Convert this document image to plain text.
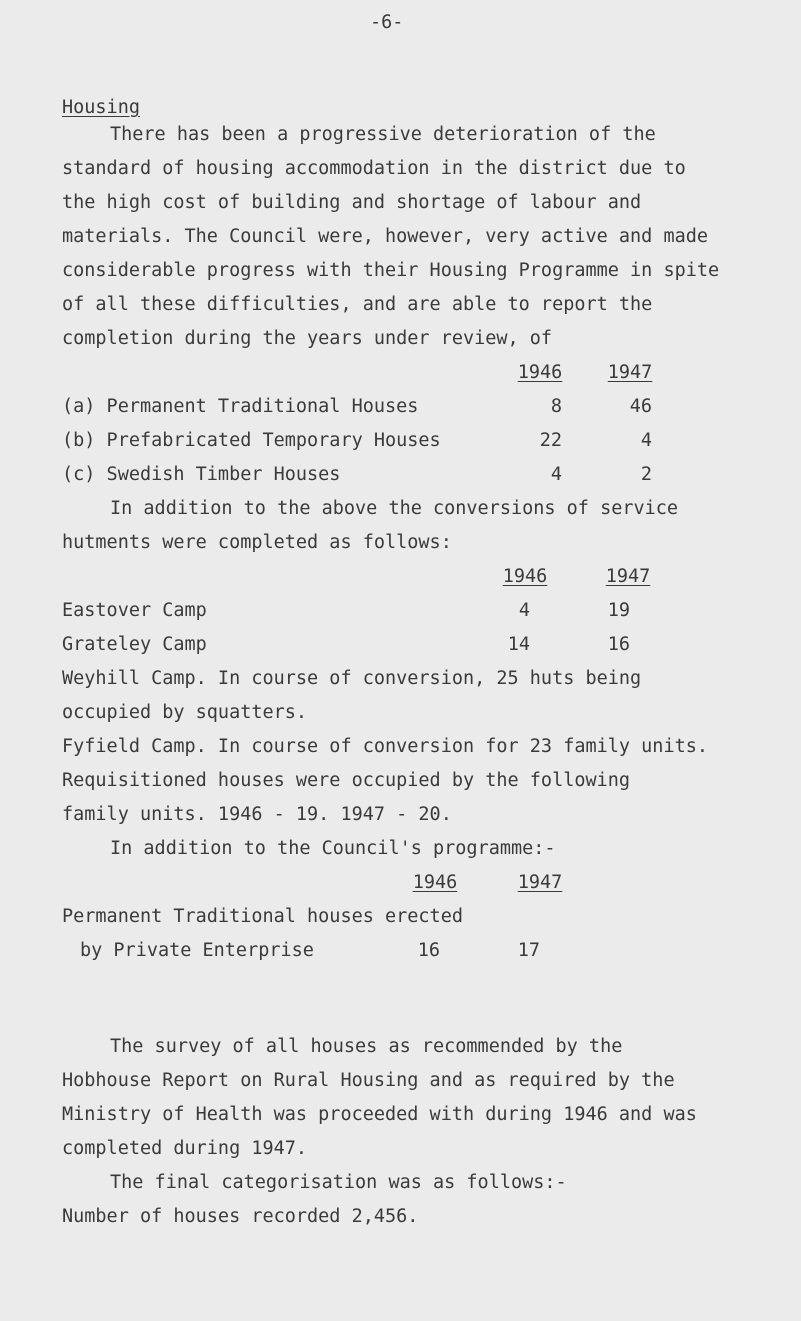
-6-
Housing
There has been a progressive deterioration of the
standard of housing accommodation in the district due to
the high cost of building and shortage of labour and
materials. The Council were, however, very active and made
considerable progress with their Housing Programme in spite
of all these difficulties, and are able to report the
completion during the years under review, of
1946	1947
(a) Permanent Traditional Houses	8	46
(b) Prefabricated Temporary Houses	22	4
(c) Swedish Timber Houses	4	2
In addition to the above the conversions of service
hutments were completed as follows:
1946	1947
Eastover Camp	4	19
Grateley Camp	14	16
Weyhill Camp. In course of conversion, 25 huts being
occupied by squatters.
Fyfield Camp. In course of conversion for 23 family units.
Requisitioned houses were occupied by the following
family units. 1946 - 19. 1947 - 20.
In addition to the Council's programme:-
1946	1947
Permanent Traditional houses erected
by Private Enterprise	16	17
The survey of all houses as recommended by the
Hobhouse Report on Rural Housing and as required by the
Ministry of Health was proceeded with during 1946 and was
completed during 1947.
The final categorisation was as follows:-
Number of houses recorded 2,456.
